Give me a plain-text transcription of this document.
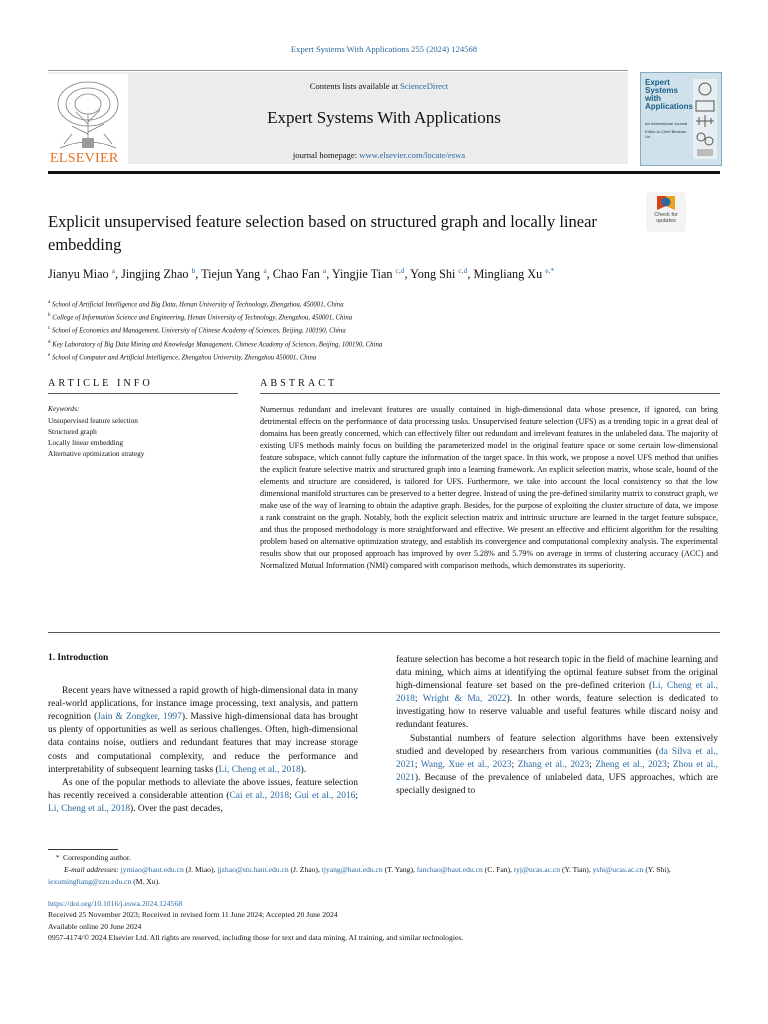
Expert Systems With Applications 255 (2024) 124568
ELSEVIER
Contents lists available at ScienceDirect
Expert Systems With Applications
journal homepage: www.elsevier.com/locate/eswa
Expert Systems with Applications
An International Journal
Editor-in-Chief Binshan Lin
Explicit unsupervised feature selection based on structured graph and locally linear embedding
Check for updates
Jianyu Miao $^a$, Jingjing Zhao $^b$, Tiejun Yang $^a$, Chao Fan $^a$, Yingjie Tian $^{c,d}$, Yong Shi $^{c,d}$, Mingliang Xu $^{e,*}$
$^a$ School of Artificial Intelligence and Big Data, Henan University of Technology, Zhengzhou, 450001, China
$^b$ College of Information Science and Engineering, Henan University of Technology, Zhengzhou, 450001, China
$^c$ School of Economics and Management, University of Chinese Academy of Sciences, Beijing, 100190, China
$^d$ Key Laboratory of Big Data Mining and Knowledge Management, Chinese Academy of Sciences, Beijing, 100190, China
$^e$ School of Computer and Artificial Intelligence, Zhengzhou University, Zhengzhou 450001, China
ARTICLE INFO
Keywords:
Unsupervised feature selection
Structured graph
Locally linear embedding
Alternative optimization strategy
ABSTRACT
Numerous redundant and irrelevant features are usually contained in high-dimensional data whose presence, if ignored, can bring detrimental effects on the performance of data processing tasks. Unsupervised feature selection (UFS) as a trending topic in a great deal of domains has been greatly concerned, which can effectively filter out redundant and irrelevant features in the unlabeled data. The majority of existing UFS methods mainly focus on building the parameterized model in the original feature space or some certain low-dimensional feature subspace, which cannot fully capture the information of the target space. In this work, we propose a novel UFS method that unifies the explicit feature selective matrix and structured graph into a learning framework. An explicit selection matrix, whose scale, bound of the elements and structure are considered, is tailored for UFS. Furthermore, we take into account the local consistency so that the low dimensional manifold structures can be preserved to a better degree. Instead of using the pre-defined similarity matrix to construct graph, we make use of the way of learning to obtain the adaptive graph. Besides, for the purpose of exploiting the cluster structure of data, we impose a rank constraint on the graph. Notably, both the explicit selection matrix and intrinsic structure are learned in the target feature subspace, and thus the proposed methodology is more straightforward and effective. We present an effective and efficient algorithm for the resulting problem based on alternative optimization strategy, and establish its convergence and computational complexity analysis. The experimental results show that our proposed approach has improved by over 5.28% and 5.79% on average in terms of clustering accuracy (ACC) and Normalized Mutual Information (NMI) compared with comparison methods, which demonstrates its superiority.
1. Introduction

Recent years have witnessed a rapid growth of high-dimensional data in many real-world applications, for instance image processing, text analysis, and pattern recognition (Jain & Zongker, 1997). Massive high-dimensional data has brought us plenty of opportunities as well as serious challenges. Often, high-dimensional data contains noise, outliers and redundant features that may increase storage costs and computational complexity, and reduce the performance and interpretability of subsequent learning tasks (Li, Cheng et al., 2018).

As one of the popular methods to alleviate the above issues, feature selection has recently received a considerable attention (Cai et al., 2018; Gui et al., 2016; Li, Cheng et al., 2018). Over the past decades,

feature selection has become a hot research topic in the field of machine learning and data mining, which aims at identifying the optimal feature subset from the original high-dimensional feature set based on the pre-defined criterion (Li, Cheng et al., 2018; Wright & Ma, 2022). In other words, feature selection is dedicated to investigating how to reserve valuable and useful features while discard noisy and redundant features.

Substantial numbers of feature selection algorithms have been extensively studied and developed by researchers from various communities (da Silva et al., 2021; Wang, Xue et al., 2023; Zhang et al., 2023; Zheng et al., 2023; Zhou et al., 2021). Because of the prevalence of unlabeled data, UFS approaches, which are specially designed to

*  Corresponding author.
E-mail addresses: jymiao@haut.edu.cn (J. Miao), jjzhao@stu.haut.edu.cn (J. Zhao), tjyang@haut.edu.cn (T. Yang), fanchao@haut.edu.cn (C. Fan), tyj@ucas.ac.cn (Y. Tian), yshi@ucas.ac.cn (Y. Shi), iexumingliang@zzu.edu.cn (M. Xu).
https://doi.org/10.1016/j.eswa.2024.124568
Received 25 November 2023; Received in revised form 11 June 2024; Accepted 20 June 2024
Available online 20 June 2024
0957-4174/© 2024 Elsevier Ltd. All rights are reserved, including those for text and data mining, AI training, and similar technologies.
